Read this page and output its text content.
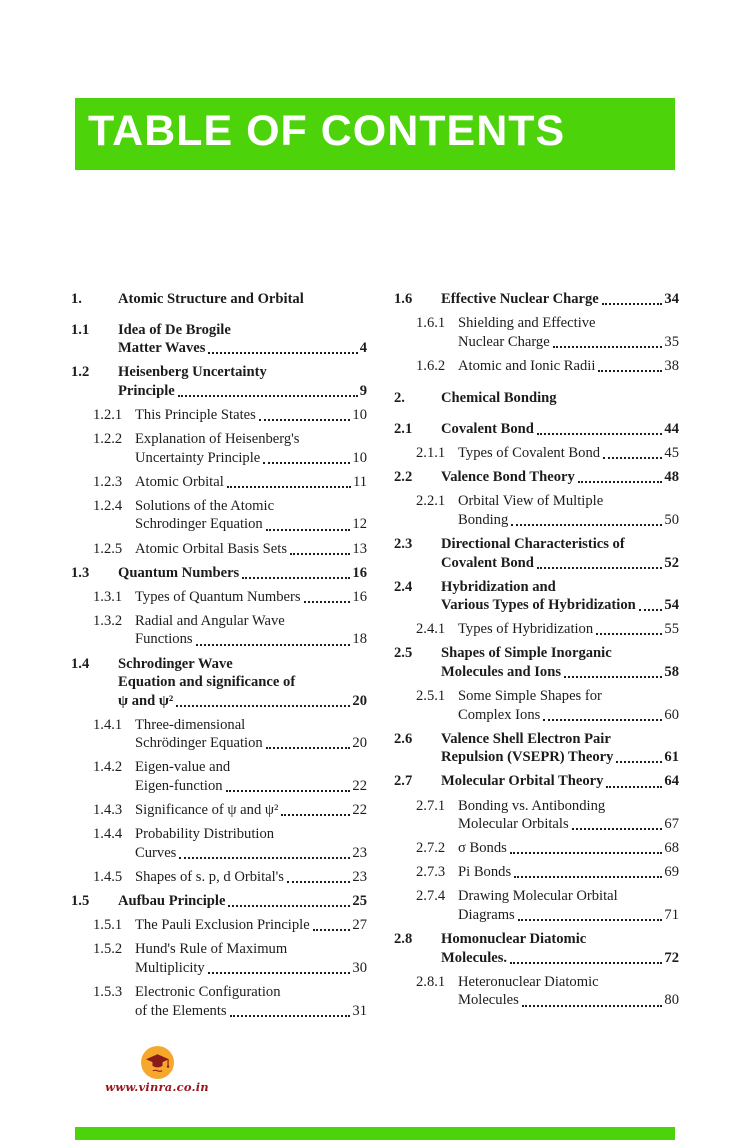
TABLE OF CONTENTS
1.	Atomic Structure and Orbital
1.1	Idea of De Brogile
Matter Waves	4
1.2	Heisenberg Uncertainty
Principle	9
1.2.1 This Principle States	10
1.2.2 Explanation of Heisenberg's
Uncertainty Principle	10
1.2.3 Atomic Orbital	11
1.2.4 Solutions of the Atomic
Schrodinger Equation	12
1.2.5 Atomic Orbital Basis Sets	13
1.3	Quantum Numbers	16
1.3.1 Types of Quantum Numbers	16
1.3.2 Radial and Angular Wave
Functions	18
1.4	Schrodinger Wave
Equation and significance of
ψ and ψ²	20
1.4.1 Three-dimensional
Schrödinger Equation	20
1.4.2 Eigen-value and
Eigen-function	22
1.4.3 Significance of ψ and ψ²	22
1.4.4 Probability Distribution
Curves	23
1.4.5 Shapes of s. p, d Orbital's	23
1.5	Aufbau Principle	25
1.5.1 The Pauli Exclusion Principle	27
1.5.2 Hund's Rule of Maximum
Multiplicity	30
1.5.3 Electronic Configuration
of the Elements	31
1.6	Effective Nuclear Charge	34
1.6.1 Shielding and Effective
Nuclear Charge	35
1.6.2 Atomic and Ionic Radii	38
2.	Chemical Bonding
2.1	Covalent Bond	44
2.1.1 Types of Covalent Bond	45
2.2	Valence Bond Theory	48
2.2.1 Orbital View of Multiple
Bonding	50
2.3	Directional Characteristics of
Covalent Bond	52
2.4	Hybridization and
Various Types of Hybridization 54
2.4.1 Types of Hybridization	55
2.5	Shapes of Simple Inorganic
Molecules and Ions	58
2.5.1 Some Simple Shapes for
Complex Ions	60
2.6	Valence Shell Electron Pair
Repulsion (VSEPR) Theory	61
2.7	Molecular Orbital Theory	64
2.7.1 Bonding vs. Antibonding
Molecular Orbitals	67
2.7.2 σ Bonds	68
2.7.3 Pi Bonds	69
2.7.4 Drawing Molecular Orbital
Diagrams	71
2.8	Homonuclear Diatomic
Molecules.	72
2.8.1 Heteronuclear Diatomic
Molecules	80
www.vinra.co.in
